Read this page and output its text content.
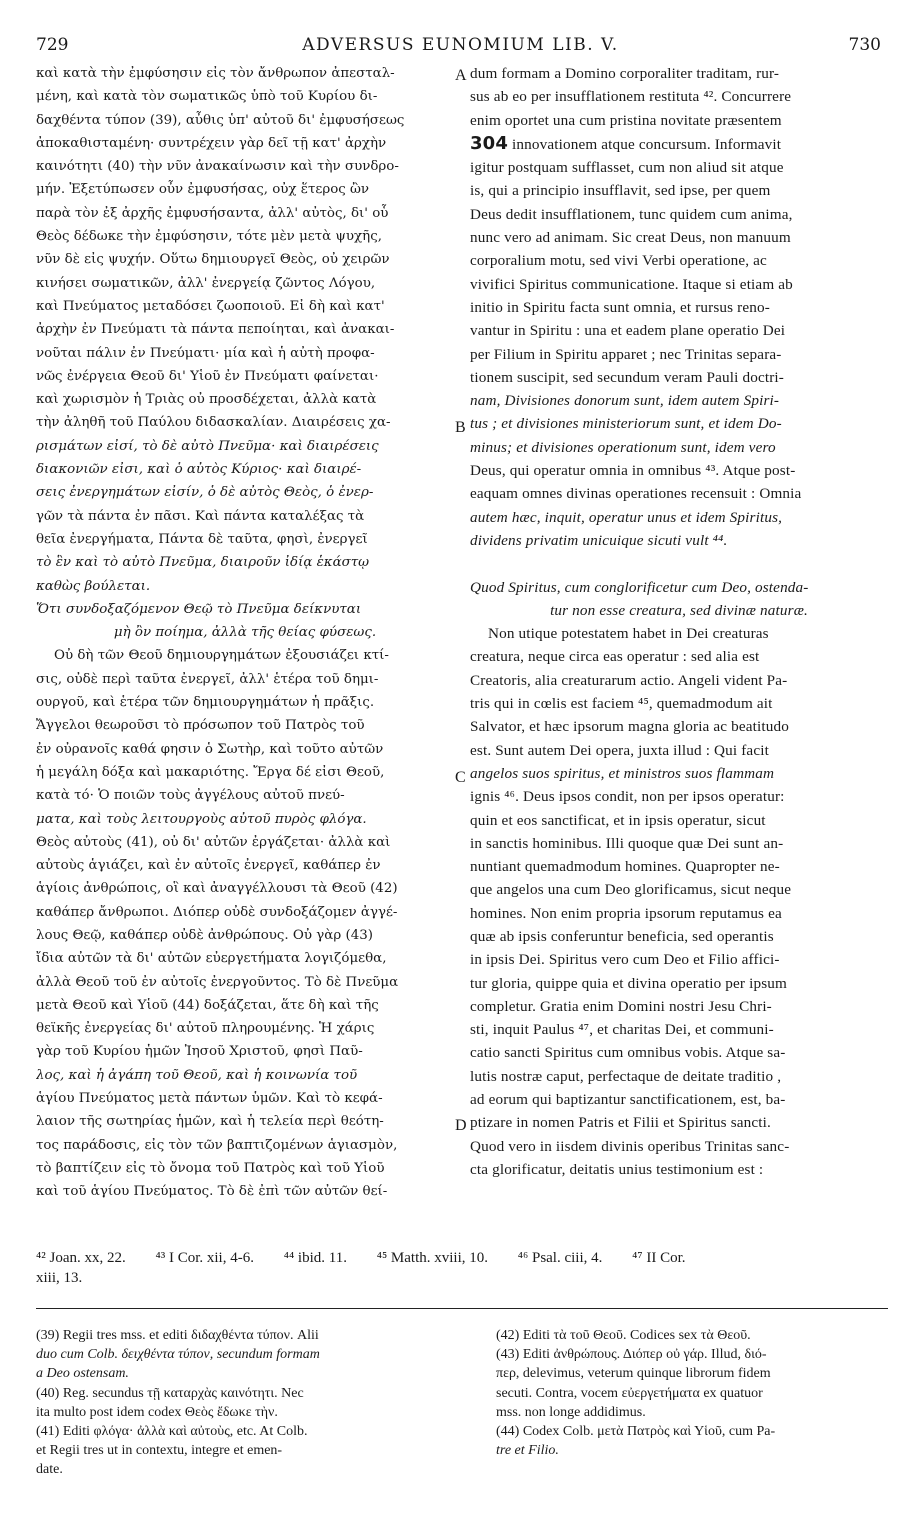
729	ADVERSUS EUNOMIUM LIB. V.	730
καὶ κατὰ τὴν ἐμφύσησιν εἰς τὸν ἄνθρωπον ἀπεσταλ-
μένη, καὶ κατὰ τὸν σωματικῶς ὑπὸ τοῦ Κυρίου δι-
δαχθέντα τύπον (39), αὖθις ὑπ' αὐτοῦ δι' ἐμφυσήσεως
ἀποκαθισταμένη· συντρέχειν γὰρ δεῖ τῇ κατ' ἀρχὴν
καινότητι (40) τὴν νῦν ἀνακαίνωσιν καὶ τὴν συνδρο-
μήν. Ἐξετύπωσεν οὖν ἐμφυσήσας, οὐχ ἕτερος ὢν
παρὰ τὸν ἐξ ἀρχῆς ἐμφυσήσαντα, ἀλλ' αὐτὸς, δι' οὗ
Θεὸς δέδωκε τὴν ἐμφύσησιν, τότε μὲν μετὰ ψυχῆς,
νῦν δὲ εἰς ψυχήν. Οὕτω δημιουργεῖ Θεὸς, οὐ χειρῶν
κινήσει σωματικῶν, ἀλλ' ἐνεργείᾳ ζῶντος Λόγου,
καὶ Πνεύματος μεταδόσει ζωοποιοῦ. Εἰ δὴ καὶ κατ'
ἀρχὴν ἐν Πνεύματι τὰ πάντα πεποίηται, καὶ ἀνακαι-
νοῦται πάλιν ἐν Πνεύματι· μία καὶ ἡ αὐτὴ προφα-
νῶς ἐνέργεια Θεοῦ δι' Υἱοῦ ἐν Πνεύματι φαίνεται·
καὶ χωρισμὸν ἡ Τριὰς οὐ προσδέχεται, ἀλλὰ κατὰ
τὴν ἀληθῆ τοῦ Παύλου διδασκαλίαν. Διαιρέσεις χα-
ρισμάτων εἰσί, τὸ δὲ αὐτὸ Πνεῦμα· καὶ διαιρέσεις
διακονιῶν εἰσι, καὶ ὁ αὐτὸς Κύριος· καὶ διαιρέ-
σεις ἐνεργημάτων εἰσίν, ὁ δὲ αὐτὸς Θεὸς, ὁ ἐνερ-
γῶν τὰ πάντα ἐν πᾶσι. Καὶ πάντα καταλέξας τὰ
θεῖα ἐνεργήματα, Πάντα δὲ ταῦτα, φησὶ, ἐνεργεῖ
τὸ ἓν καὶ τὸ αὐτὸ Πνεῦμα, διαιροῦν ἰδίᾳ ἑκάστῳ
καθὼς βούλεται.
Ὅτι συνδοξαζόμενον Θεῷ τὸ Πνεῦμα δείκνυται
μὴ ὂν ποίημα, ἀλλὰ τῆς θείας φύσεως.
Οὐ δὴ τῶν Θεοῦ δημιουργημάτων ἐξουσιάζει κτί-
σις, οὐδὲ περὶ ταῦτα ἐνεργεῖ, ἀλλ' ἑτέρα τοῦ δημι-
ουργοῦ, καὶ ἑτέρα τῶν δημιουργημάτων ἡ πρᾶξις.
Ἄγγελοι θεωροῦσι τὸ πρόσωπον τοῦ Πατρὸς τοῦ
ἐν οὐρανοῖς καθά φησιν ὁ Σωτὴρ, καὶ τοῦτο αὐτῶν
ἡ μεγάλη δόξα καὶ μακαριότης. Ἔργα δέ εἰσι Θεοῦ,
κατὰ τό· Ὁ ποιῶν τοὺς ἀγγέλους αὐτοῦ πνεύ-
ματα, καὶ τοὺς λειτουργοὺς αὐτοῦ πυρὸς φλόγα.
Θεὸς αὐτοὺς (41), οὐ δι' αὐτῶν ἐργάζεται· ἀλλὰ καὶ
αὐτοὺς ἁγιάζει, καὶ ἐν αὐτοῖς ἐνεργεῖ, καθάπερ ἐν
ἁγίοις ἀνθρώποις, οἳ καὶ ἀναγγέλλουσι τὰ Θεοῦ (42)
καθάπερ ἄνθρωποι. Διόπερ οὐδὲ συνδοξάζομεν ἀγγέ-
λους Θεῷ, καθάπερ οὐδὲ ἀνθρώπους. Οὐ γὰρ (43)
ἴδια αὐτῶν τὰ δι' αὐτῶν εὐεργετήματα λογιζόμεθα,
ἀλλὰ Θεοῦ τοῦ ἐν αὐτοῖς ἐνεργοῦντος. Τὸ δὲ Πνεῦμα
μετὰ Θεοῦ καὶ Υἱοῦ (44) δοξάζεται, ἅτε δὴ καὶ τῆς
θεϊκῆς ἐνεργείας δι' αὐτοῦ πληρουμένης. Ἡ χάρις
γὰρ τοῦ Κυρίου ἡμῶν Ἰησοῦ Χριστοῦ, φησὶ Παῦ-
λος, καὶ ἡ ἀγάπη τοῦ Θεοῦ, καὶ ἡ κοινωνία τοῦ
ἁγίου Πνεύματος μετὰ πάντων ὑμῶν. Καὶ τὸ κεφά-
λαιον τῆς σωτηρίας ἡμῶν, καὶ ἡ τελεία περὶ θεότη-
τος παράδοσις, εἰς τὸν τῶν βαπτιζομένων ἁγιασμὸν,
τὸ βαπτίζειν εἰς τὸ ὄνομα τοῦ Πατρὸς καὶ τοῦ Υἱοῦ
καὶ τοῦ ἁγίου Πνεύματος. Τὸ δὲ ἐπὶ τῶν αὐτῶν θεί-
dum formam a Domino corporaliter traditam, rur-
sus ab eo per insufflationem restituta ⁴². Concurrere
enim oportet una cum pristina novitate præsentem
304 innovationem atque concursum. Informavit
igitur postquam sufflasset, cum non aliud sit atque
is, qui a principio insufflavit, sed ipse, per quem
Deus dedit insufflationem, tunc quidem cum anima,
nunc vero ad animam. Sic creat Deus, non manuum
corporalium motu, sed vivi Verbi operatione, ac
vivifici Spiritus communicatione. Itaque si etiam ab
initio in Spiritu facta sunt omnia, et rursus reno-
vantur in Spiritu : una et eadem plane operatio Dei
per Filium in Spiritu apparet ; nec Trinitas separa-
tionem suscipit, sed secundum veram Pauli doctri-
nam, Divisiones donorum sunt, idem autem Spiri-
tus ; et divisiones ministeriorum sunt, et idem Do-
minus; et divisiones operationum sunt, idem vero
Deus, qui operatur omnia in omnibus ⁴³. Atque post-
eaquam omnes divinas operationes recensuit : Omnia
autem hæc, inquit, operatur unus et idem Spiritus,
dividens privatim unicuique sicuti vult ⁴⁴.

Quod Spiritus, cum conglorificetur cum Deo, ostenda-
tur non esse creatura, sed divinæ naturæ.
Non utique potestatem habet in Dei creaturas
creatura, neque circa eas operatur : sed alia est
Creatoris, alia creaturarum actio. Angeli vident Pa-
tris qui in cœlis est faciem ⁴⁵, quemadmodum ait
Salvator, et hæc ipsorum magna gloria ac beatitudo
est. Sunt autem Dei opera, juxta illud : Qui facit
angelos suos spiritus, et ministros suos flammam
ignis ⁴⁶. Deus ipsos condit, non per ipsos operatur:
quin et eos sanctificat, et in ipsis operatur, sicut
in sanctis hominibus. Illi quoque quæ Dei sunt an-
nuntiant quemadmodum homines. Quapropter ne-
que angelos una cum Deo glorificamus, sicut neque
homines. Non enim propria ipsorum reputamus ea
quæ ab ipsis conferuntur beneficia, sed operantis
in ipsis Dei. Spiritus vero cum Deo et Filio affici-
tur gloria, quippe quia et divina operatio per ipsum
completur. Gratia enim Domini nostri Jesu Chri-
sti, inquit Paulus ⁴⁷, et charitas Dei, et communi-
catio sancti Spiritus cum omnibus vobis. Atque sa-
lutis nostræ caput, perfectaque de deitate traditio ,
ad eorum qui baptizantur sanctificationem, est, ba-
ptizare in nomen Patris et Filii et Spiritus sancti.
Quod vero in iisdem divinis operibus Trinitas sanc-
cta glorificatur, deitatis unius testimonium est :
A
B
C
D
⁴² Joan. xx, 22. ⁴³ I Cor. xii, 4-6. ⁴⁴ ibid. 11. ⁴⁵ Matth. xviii, 10. ⁴⁶ Psal. ciii, 4. ⁴⁷ II Cor.
xiii, 13.
(39) Regii tres mss. et editi διδαχθέντα τύπον. Alii
duo cum Colb. δειχθέντα τύπον, secundum formam
a Deo ostensam.
(40) Reg. secundus τῇ καταρχὰς καινότητι. Nec
ita multo post idem codex Θεὸς ἔδωκε τὴν.
(41) Editi φλόγα· ἀλλὰ καὶ αὐτοὺς, etc. At Colb.
et Regii tres ut in contextu, integre et emen-
date.
(42) Editi τὰ τοῦ Θεοῦ. Codices sex τὰ Θεοῦ.
(43) Editi ἀνθρώπους. Διόπερ οὐ γάρ. Illud, διό-
περ, delevimus, veterum quinque librorum fidem
secuti. Contra, vocem εὐεργετήματα ex quatuor
mss. non longe addidimus.
(44) Codex Colb. μετὰ Πατρὸς καὶ Υἱοῦ, cum Pa-
tre et Filio.
